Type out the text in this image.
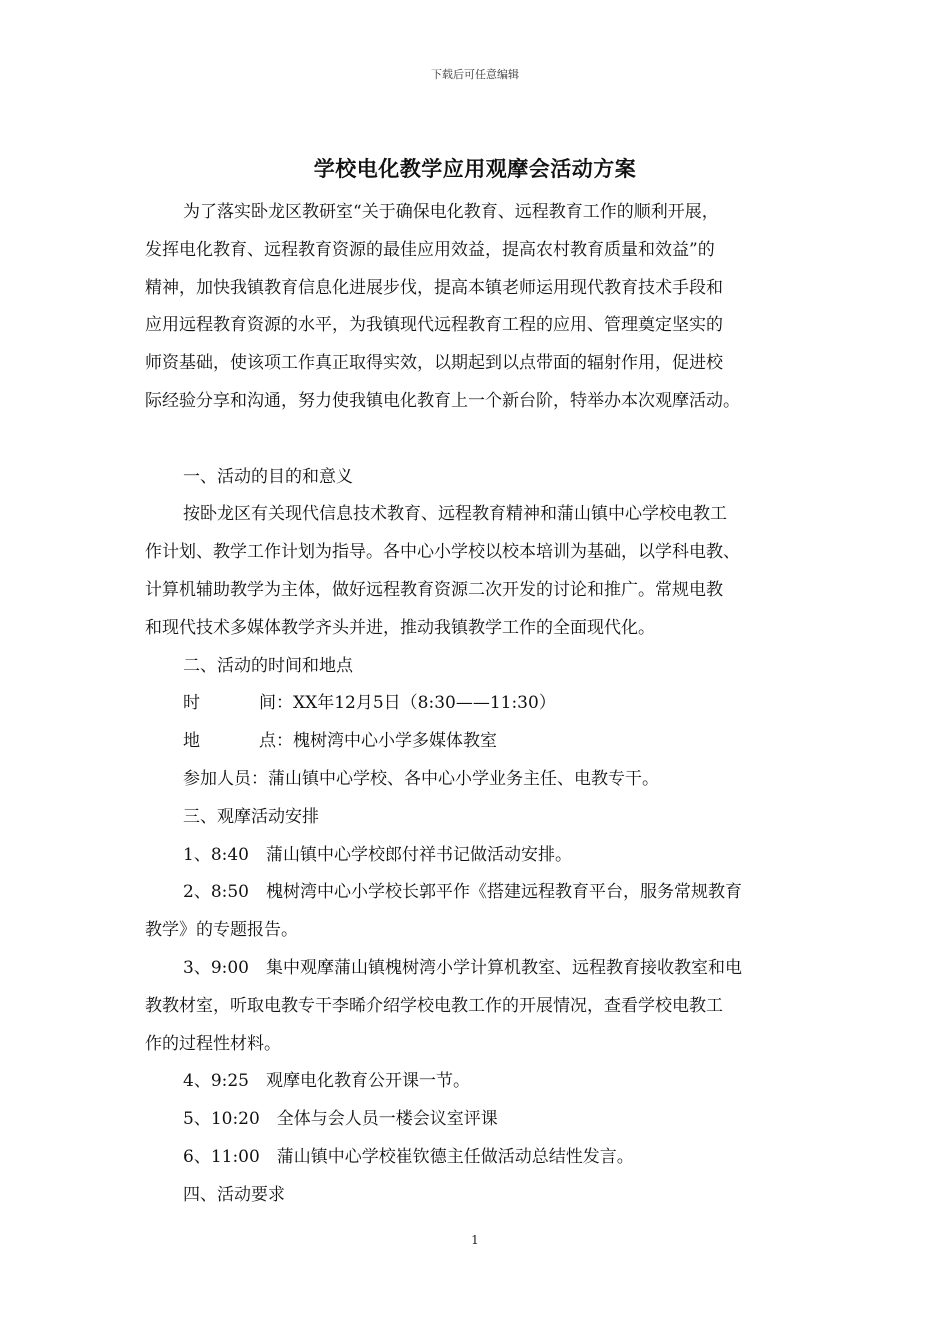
下载后可任意编辑
学校电化教学应用观摩会活动方案
为了落实卧龙区教研室“关于确保电化教育、远程教育工作的顺利开展，
发挥电化教育、远程教育资源的最佳应用效益，提高农村教育质量和效益”的
精神，加快我镇教育信息化进展步伐，提高本镇老师运用现代教育技术手段和
应用远程教育资源的水平，为我镇现代远程教育工程的应用、管理奠定坚实的
师资基础，使该项工作真正取得实效，以期起到以点带面的辐射作用，促进校
际经验分享和沟通，努力使我镇电化教育上一个新台阶，特举办本次观摩活动。
一、活动的目的和意义
按卧龙区有关现代信息技术教育、远程教育精神和蒲山镇中心学校电教工
作计划、教学工作计划为指导。各中心小学校以校本培训为基础，以学科电教、
计算机辅助教学为主体，做好远程教育资源二次开发的讨论和推广。常规电教
和现代技术多媒体教学齐头并进，推动我镇教学工作的全面现代化。
二、活动的时间和地点
时	间：XX年12月5日（8:30——11:30）
地	点：槐树湾中心小学多媒体教室
参加人员：蒲山镇中心学校、各中心小学业务主任、电教专干。
三、观摩活动安排
1、8:40　蒲山镇中心学校郎付祥书记做活动安排。
2、8:50　槐树湾中心小学校长郭平作《搭建远程教育平台，服务常规教育
教学》的专题报告。
3、9:00　集中观摩蒲山镇槐树湾小学计算机教室、远程教育接收教室和电
教教材室，听取电教专干李晞介绍学校电教工作的开展情况，查看学校电教工
作的过程性材料。
4、9:25　观摩电化教育公开课一节。
5、10:20　全体与会人员一楼会议室评课
6、11:00　蒲山镇中心学校崔钦德主任做活动总结性发言。
四、活动要求
1
